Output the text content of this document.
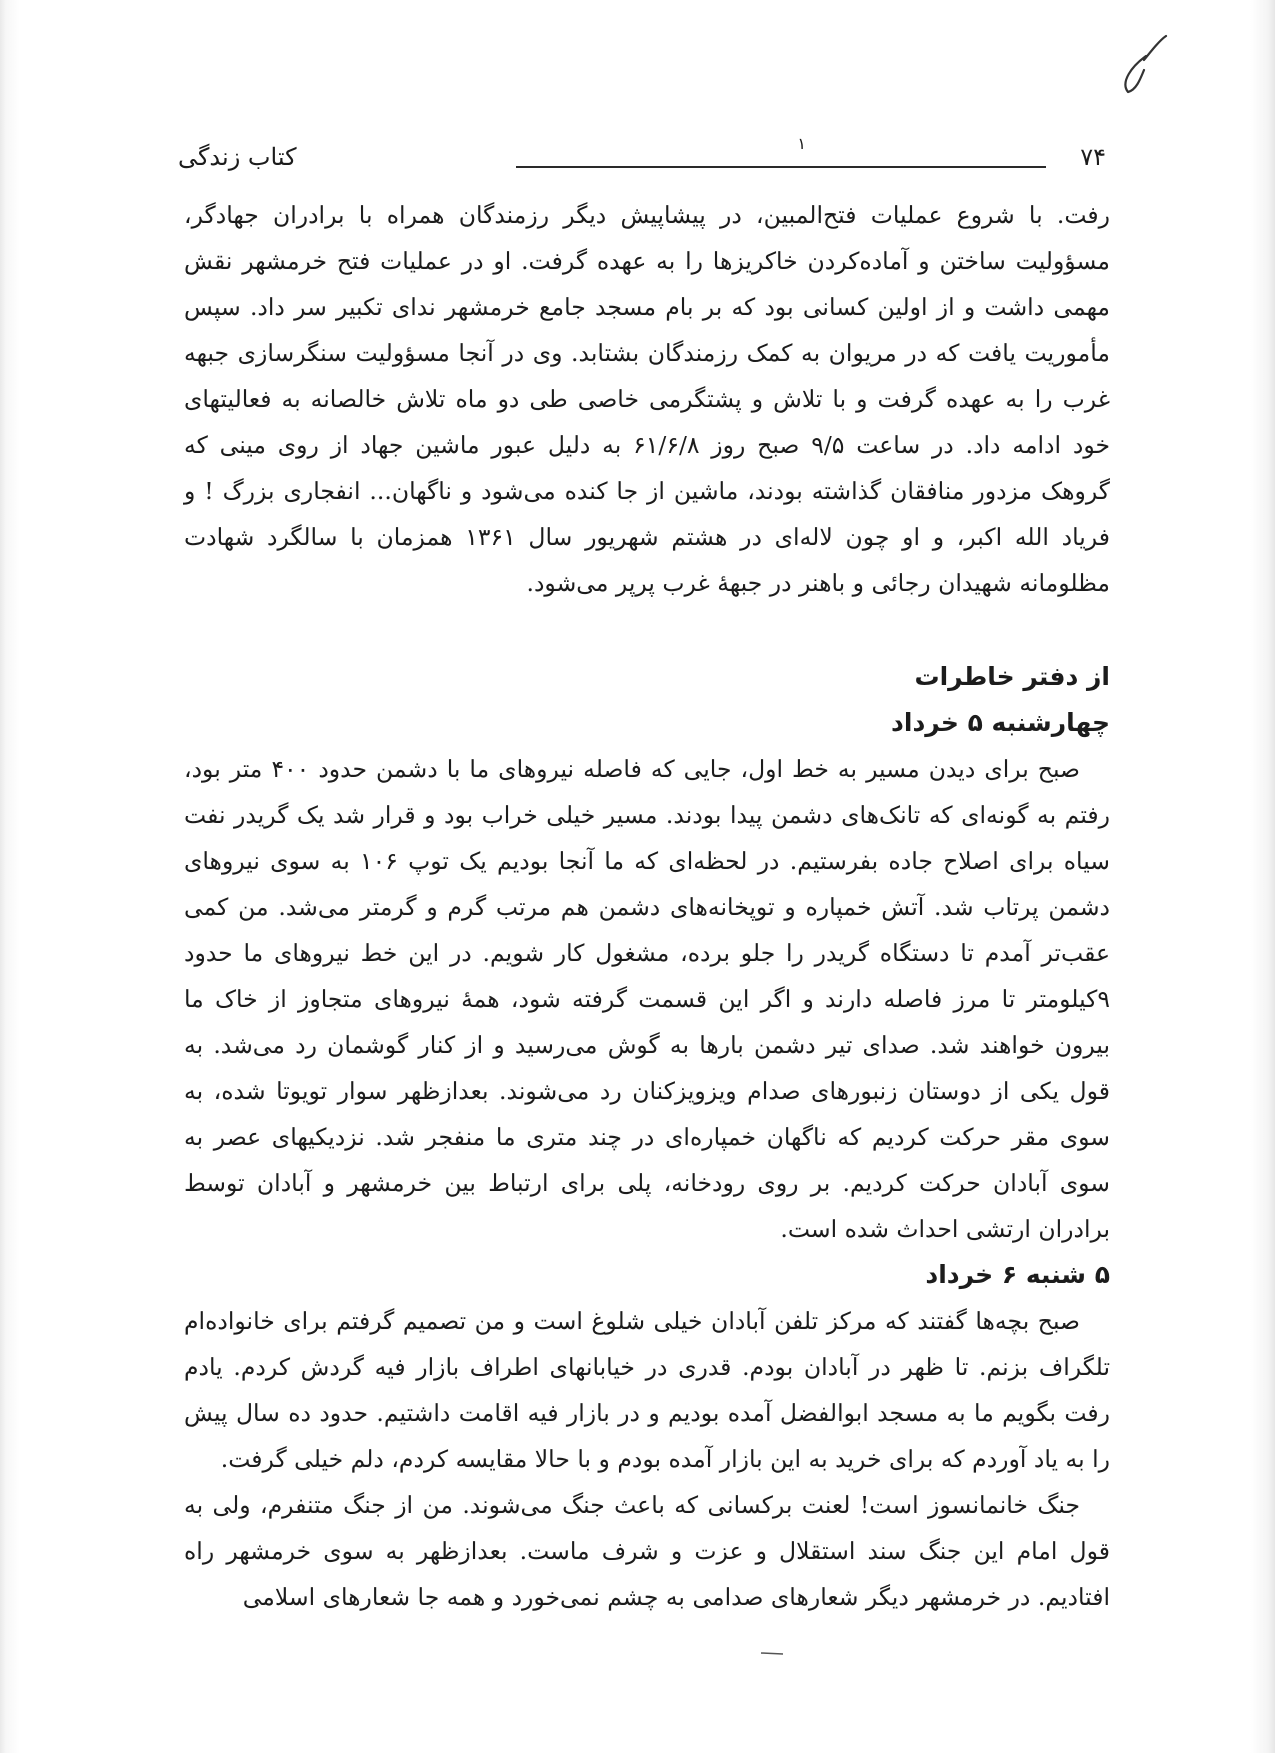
۷۴
۱
کتاب زندگی

رفت. با شروع عملیات فتح‌المبین، در پیشاپیش دیگر رزمندگان همراه با برادران جهادگر، مسؤولیت ساختن و آماده‌کردن خاکریزها را به عهده گرفت. او در عملیات فتح خرمشهر نقش مهمی داشت و از اولین کسانی بود که بر بام مسجد جامع خرمشهر ندای تکبیر سر داد. سپس مأموریت یافت که در مریوان به کمک رزمندگان بشتابد. وی در آنجا مسؤولیت سنگرسازی جبهه غرب را به عهده گرفت و با تلاش و پشتگرمی خاصی طی دو ماه تلاش خالصانه به فعالیتهای خود ادامه داد. در ساعت ۹/۵ صبح روز ۶۱/۶/۸ به دلیل عبور ماشین جهاد از روی مینی که گروهک مزدور منافقان گذاشته بودند، ماشین از جا کنده می‌شود و ناگهان... انفجاری بزرگ ! و فریاد الله اکبر، و او چون لاله‌ای در هشتم شهریور سال ۱۳۶۱ همزمان با سالگرد شهادت مظلومانه شهیدان رجائی و باهنر در جبههٔ غرب پرپر می‌شود.

از دفتر خاطرات
چهارشنبه ۵ خرداد

صبح برای دیدن مسیر به خط اول، جایی که فاصله نیروهای ما با دشمن حدود ۴۰۰ متر بود، رفتم به گونه‌ای که تانک‌های دشمن پیدا بودند. مسیر خیلی خراب بود و قرار شد یک گریدر نفت سیاه برای اصلاح جاده بفرستیم. در لحظه‌ای که ما آنجا بودیم یک توپ ۱۰۶ به سوی نیروهای دشمن پرتاب شد. آتش خمپاره و توپخانه‌های دشمن هم مرتب گرم و گرمتر می‌شد. من کمی عقب‌تر آمدم تا دستگاه گریدر را جلو برده، مشغول کار شویم. در این خط نیروهای ما حدود ۹کیلومتر تا مرز فاصله دارند و اگر این قسمت گرفته شود، همهٔ نیروهای متجاوز از خاک ما بیرون خواهند شد. صدای تیر دشمن بارها به گوش می‌رسید و از کنار گوشمان رد می‌شد. به قول یکی از دوستان زنبورهای صدام ویزویزکنان رد می‌شوند. بعدازظهر سوار تویوتا شده، به سوی مقر حرکت کردیم که ناگهان خمپاره‌ای در چند متری ما منفجر شد. نزدیکیهای عصر به سوی آبادان حرکت کردیم. بر روی رودخانه، پلی برای ارتباط بین خرمشهر و آبادان توسط برادران ارتشی احداث شده است.

۵ شنبه ۶ خرداد

صبح بچه‌ها گفتند که مرکز تلفن آبادان خیلی شلوغ است و من تصمیم گرفتم برای خانواده‌ام تلگراف بزنم. تا ظهر در آبادان بودم. قدری در خیابانهای اطراف بازار فیه گردش کردم. یادم رفت بگویم ما به مسجد ابوالفضل آمده بودیم و در بازار فیه اقامت داشتیم. حدود ده سال پیش را به یاد آوردم که برای خرید به این بازار آمده بودم و با حالا مقایسه کردم، دلم خیلی گرفت.

جنگ خانمانسوز است! لعنت برکسانی که باعث جنگ می‌شوند. من از جنگ متنفرم، ولی به قول امام این جنگ سند استقلال و عزت و شرف ماست. بعدازظهر به سوی خرمشهر راه افتادیم. در خرمشهر دیگر شعارهای صدامی به چشم نمی‌خورد و همه جا شعارهای اسلامی
